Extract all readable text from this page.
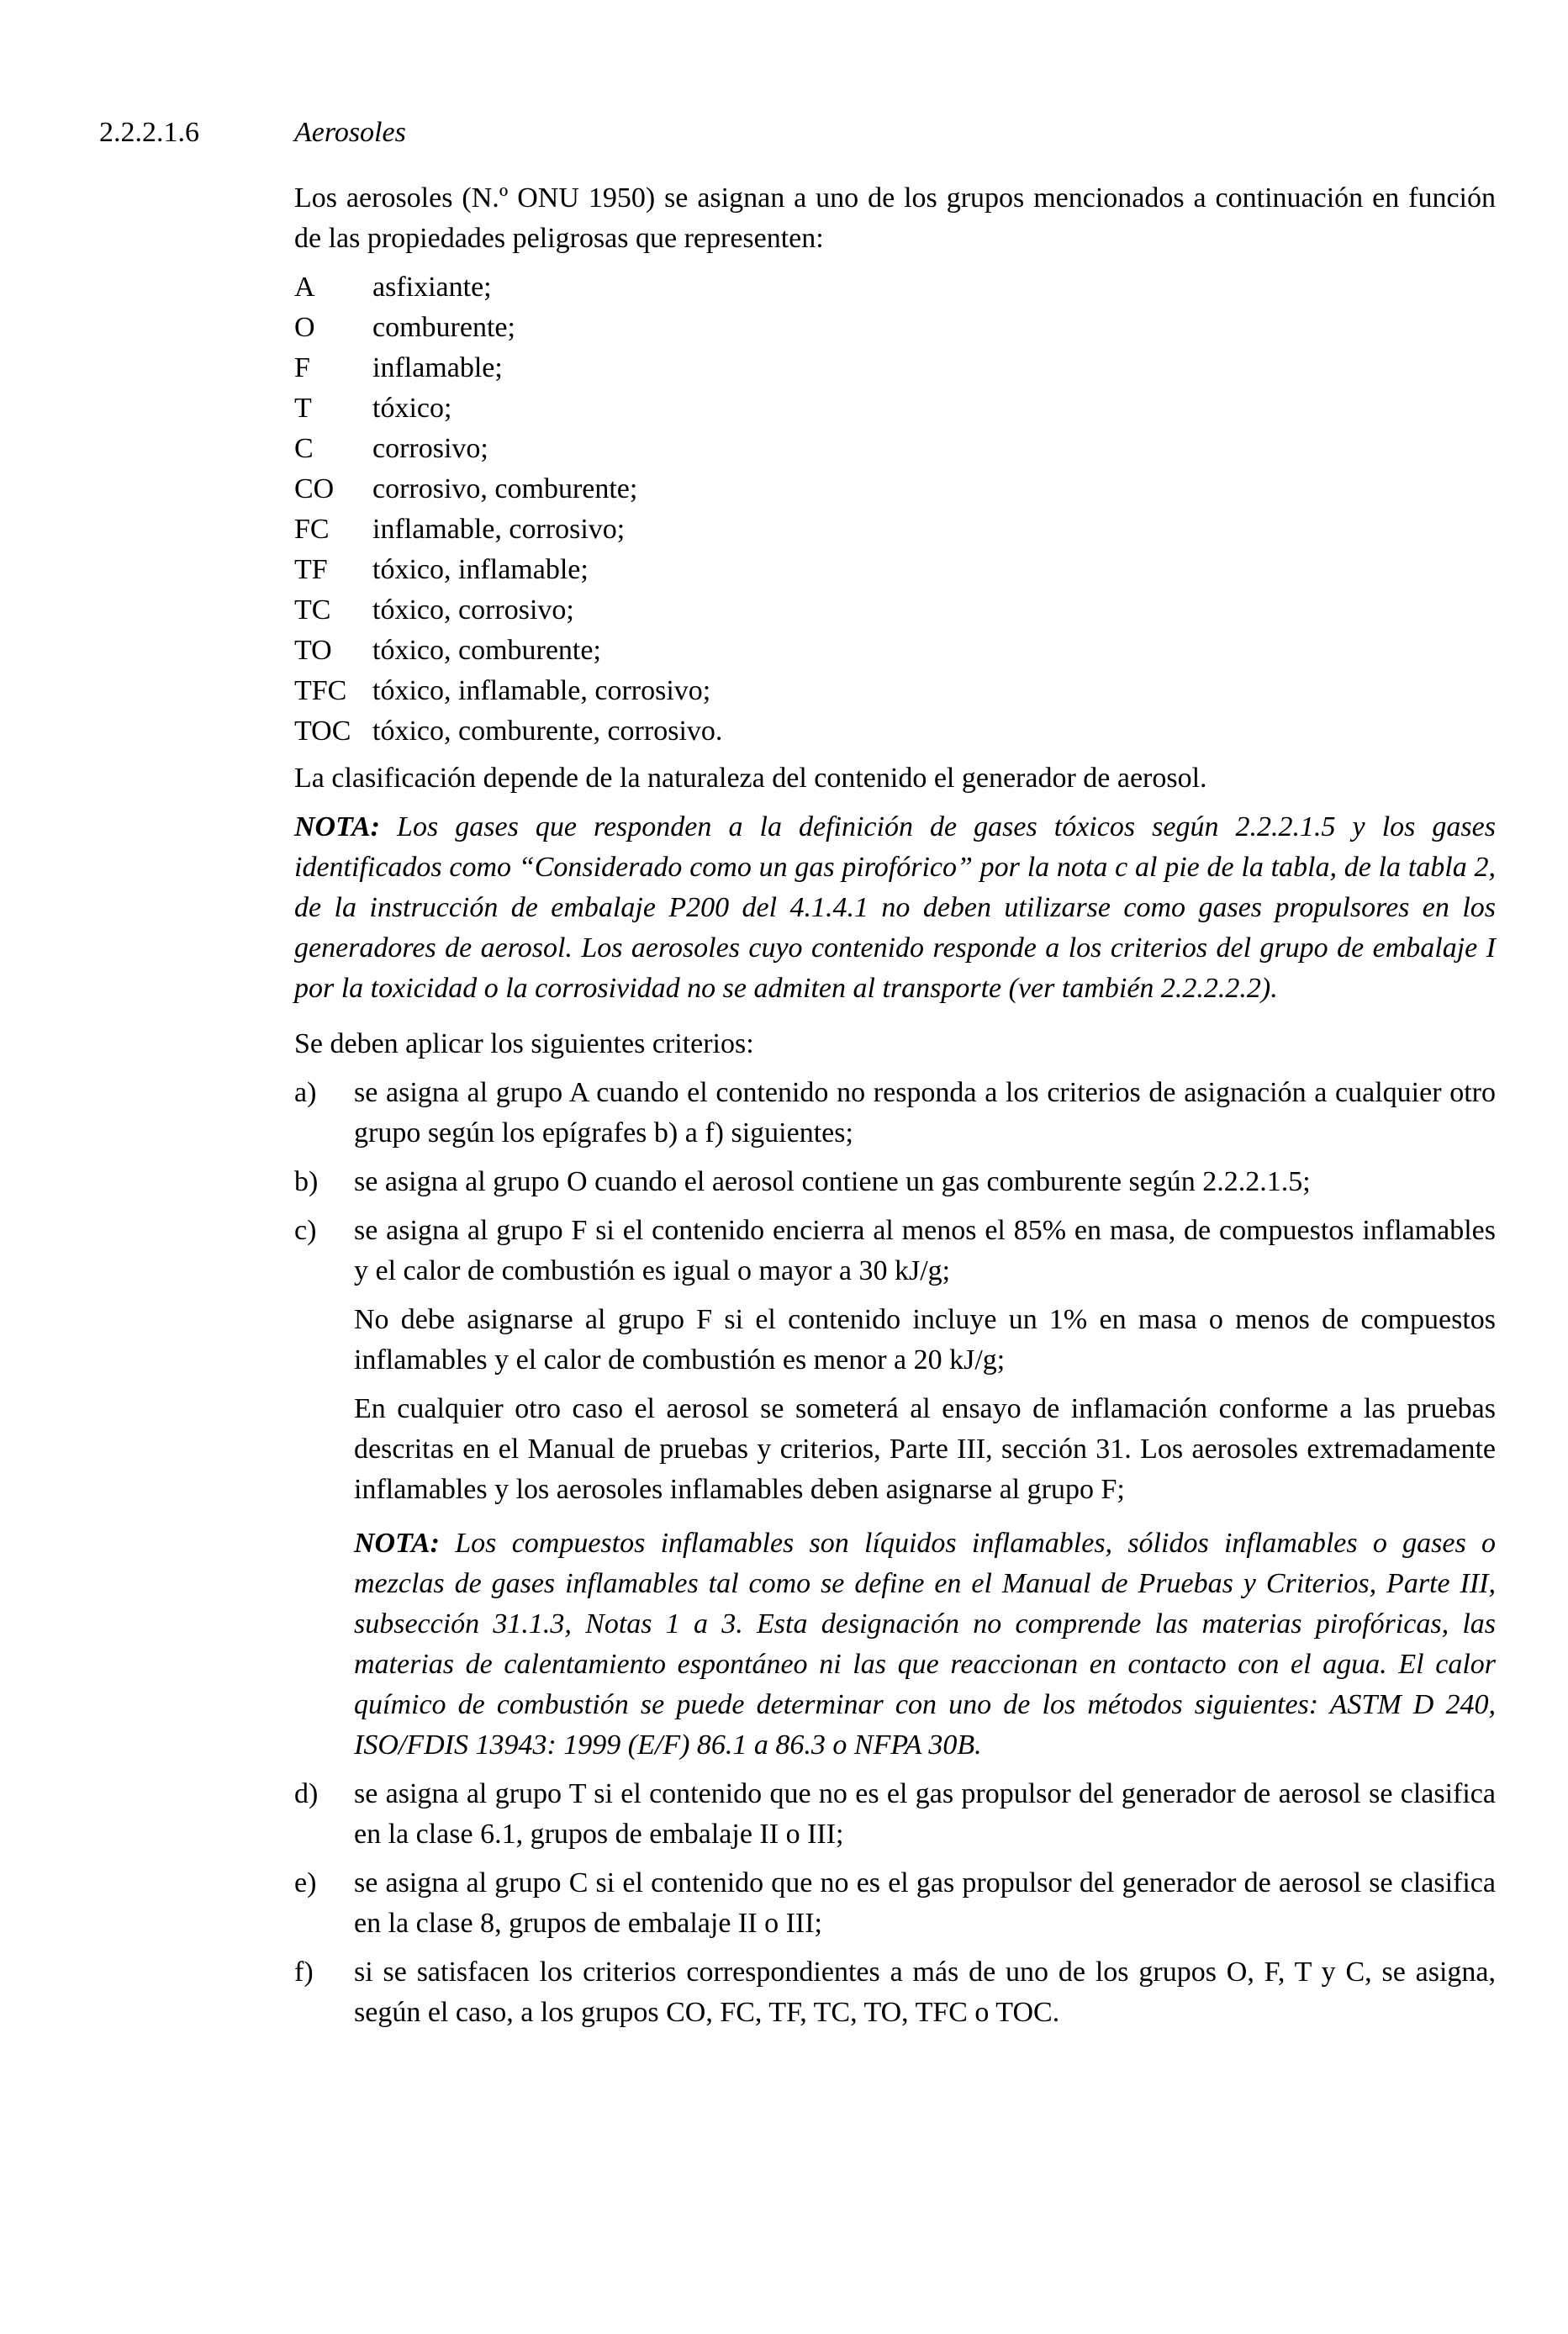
2.2.2.1.6	Aerosoles

Los aerosoles (N.º ONU 1950) se asignan a uno de los grupos mencionados a continuación en función de las propiedades peligrosas que representen:

A	asfixiante;
O	comburente;
F	inflamable;
T	tóxico;
C	corrosivo;
CO	corrosivo, comburente;
FC	inflamable, corrosivo;
TF	tóxico, inflamable;
TC	tóxico, corrosivo;
TO	tóxico, comburente;
TFC tóxico, inflamable, corrosivo;
TOC tóxico, comburente, corrosivo.

La clasificación depende de la naturaleza del contenido el generador de aerosol.

NOTA: Los gases que responden a la definición de gases tóxicos según 2.2.2.1.5 y los gases identificados como “Considerado como un gas pirofórico” por la nota c al pie de la tabla, de la tabla 2, de la instrucción de embalaje P200 del 4.1.4.1 no deben utilizarse como gases propulsores en los generadores de aerosol. Los aerosoles cuyo contenido responde a los criterios del grupo de embalaje I por la toxicidad o la corrosividad no se admiten al transporte (ver también 2.2.2.2.2).

Se deben aplicar los siguientes criterios:

a)	se asigna al grupo A cuando el contenido no responda a los criterios de asignación a cualquier otro grupo según los epígrafes b) a f) siguientes;

b)	se asigna al grupo O cuando el aerosol contiene un gas comburente según 2.2.2.1.5;

c)	se asigna al grupo F si el contenido encierra al menos el 85% en masa, de compuestos inflamables y el calor de combustión es igual o mayor a 30 kJ/g;

No debe asignarse al grupo F si el contenido incluye un 1% en masa o menos de compuestos inflamables y el calor de combustión es menor a 20 kJ/g;

En cualquier otro caso el aerosol se someterá al ensayo de inflamación conforme a las pruebas descritas en el Manual de pruebas y criterios, Parte III, sección 31. Los aerosoles extremadamente inflamables y los aerosoles inflamables deben asignarse al grupo F;

NOTA: Los compuestos inflamables son líquidos inflamables, sólidos inflamables o gases o mezclas de gases inflamables tal como se define en el Manual de Pruebas y Criterios, Parte III, subsección 31.1.3, Notas 1 a 3. Esta designación no comprende las materias pirofóricas, las materias de calentamiento espontáneo ni las que reaccionan en contacto con el agua. El calor químico de combustión se puede determinar con uno de los métodos siguientes: ASTM D 240, ISO/FDIS 13943: 1999 (E/F) 86.1 a 86.3 o NFPA 30B.

d)	se asigna al grupo T si el contenido que no es el gas propulsor del generador de aerosol se clasifica en la clase 6.1, grupos de embalaje II o III;

e)	se asigna al grupo C si el contenido que no es el gas propulsor del generador de aerosol se clasifica en la clase 8, grupos de embalaje II o III;

f)	si se satisfacen los criterios correspondientes a más de uno de los grupos O, F, T y C, se asigna, según el caso, a los grupos CO, FC, TF, TC, TO, TFC o TOC.
